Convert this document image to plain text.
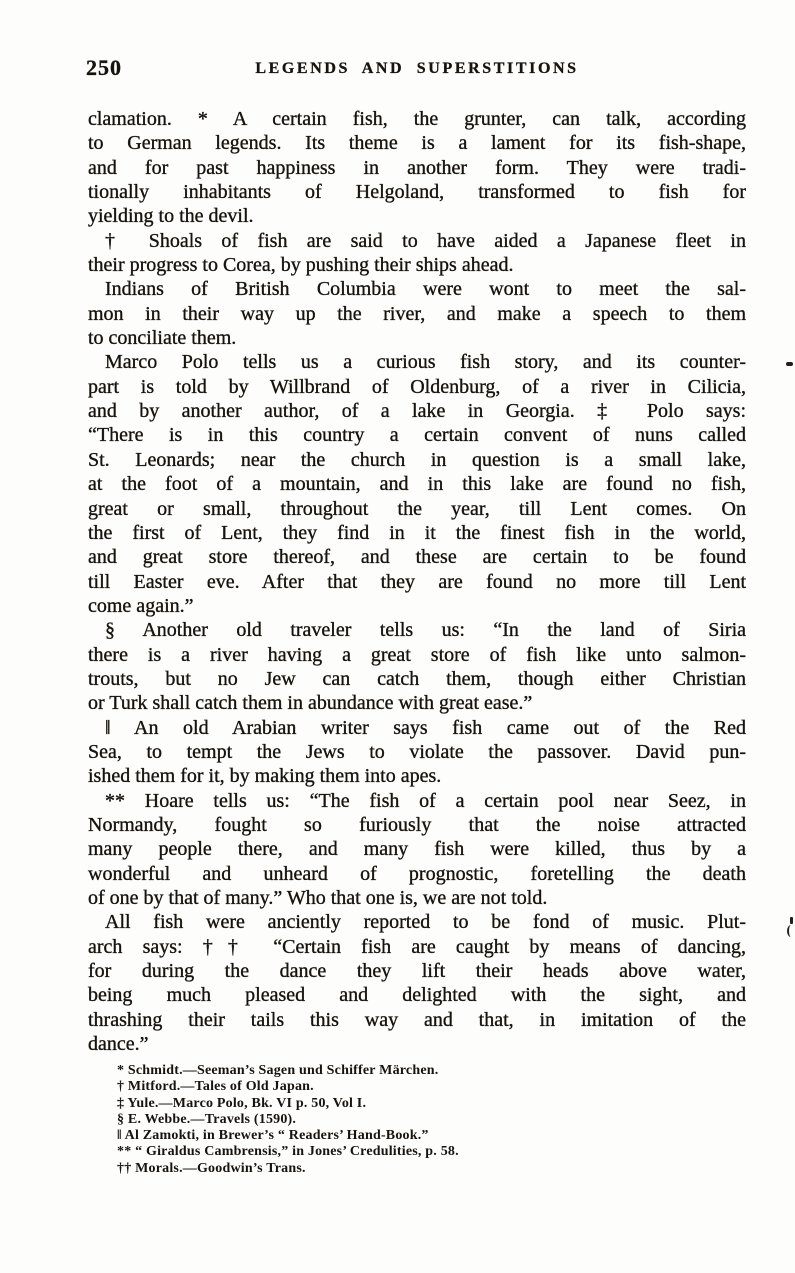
250	LEGENDS AND SUPERSTITIONS
clamation. * A certain fish, the grunter, can talk, according
to German legends. Its theme is a lament for its fish-shape,
and for past happiness in another form. They were tradi-
tionally inhabitants of Helgoland, transformed to fish for
yielding to the devil.
† Shoals of fish are said to have aided a Japanese fleet in
their progress to Corea, by pushing their ships ahead.
Indians of British Columbia were wont to meet the sal-
mon in their way up the river, and make a speech to them
to conciliate them.
Marco Polo tells us a curious fish story, and its counter-
part is told by Willbrand of Oldenburg, of a river in Cilicia,
and by another author, of a lake in Georgia. ‡ Polo says:
“There is in this country a certain convent of nuns called
St. Leonards; near the church in question is a small lake,
at the foot of a mountain, and in this lake are found no fish,
great or small, throughout the year, till Lent comes. On
the first of Lent, they find in it the finest fish in the world,
and great store thereof, and these are certain to be found
till Easter eve. After that they are found no more till Lent
come again.”
§ Another old traveler tells us: “In the land of Siria
there is a river having a great store of fish like unto salmon-
trouts, but no Jew can catch them, though either Christian
or Turk shall catch them in abundance with great ease.”
‖ An old Arabian writer says fish came out of the Red
Sea, to tempt the Jews to violate the passover. David pun-
ished them for it, by making them into apes.
** Hoare tells us: “The fish of a certain pool near Seez, in
Normandy, fought so furiously that the noise attracted
many people there, and many fish were killed, thus by a
wonderful and unheard of prognostic, foretelling the death
of one by that of many.” Who that one is, we are not told.
All fish were anciently reported to be fond of music. Plut-
arch says: †† “Certain fish are caught by means of dancing,
for during the dance they lift their heads above water,
being much pleased and delighted with the sight, and
thrashing their tails this way and that, in imitation of the
dance.”
* Schmidt.—Seeman’s Sagen und Schiffer Märchen.
† Mitford.—Tales of Old Japan.
‡ Yule.—Marco Polo, Bk. VI p. 50, Vol I.
§ E. Webbe.—Travels (1590).
‖ Al Zamokti, in Brewer’s “ Readers’ Hand-Book.”
** “ Giraldus Cambrensis,” in Jones’ Credulities, p. 58.
†† Morals.—Goodwin’s Trans.
